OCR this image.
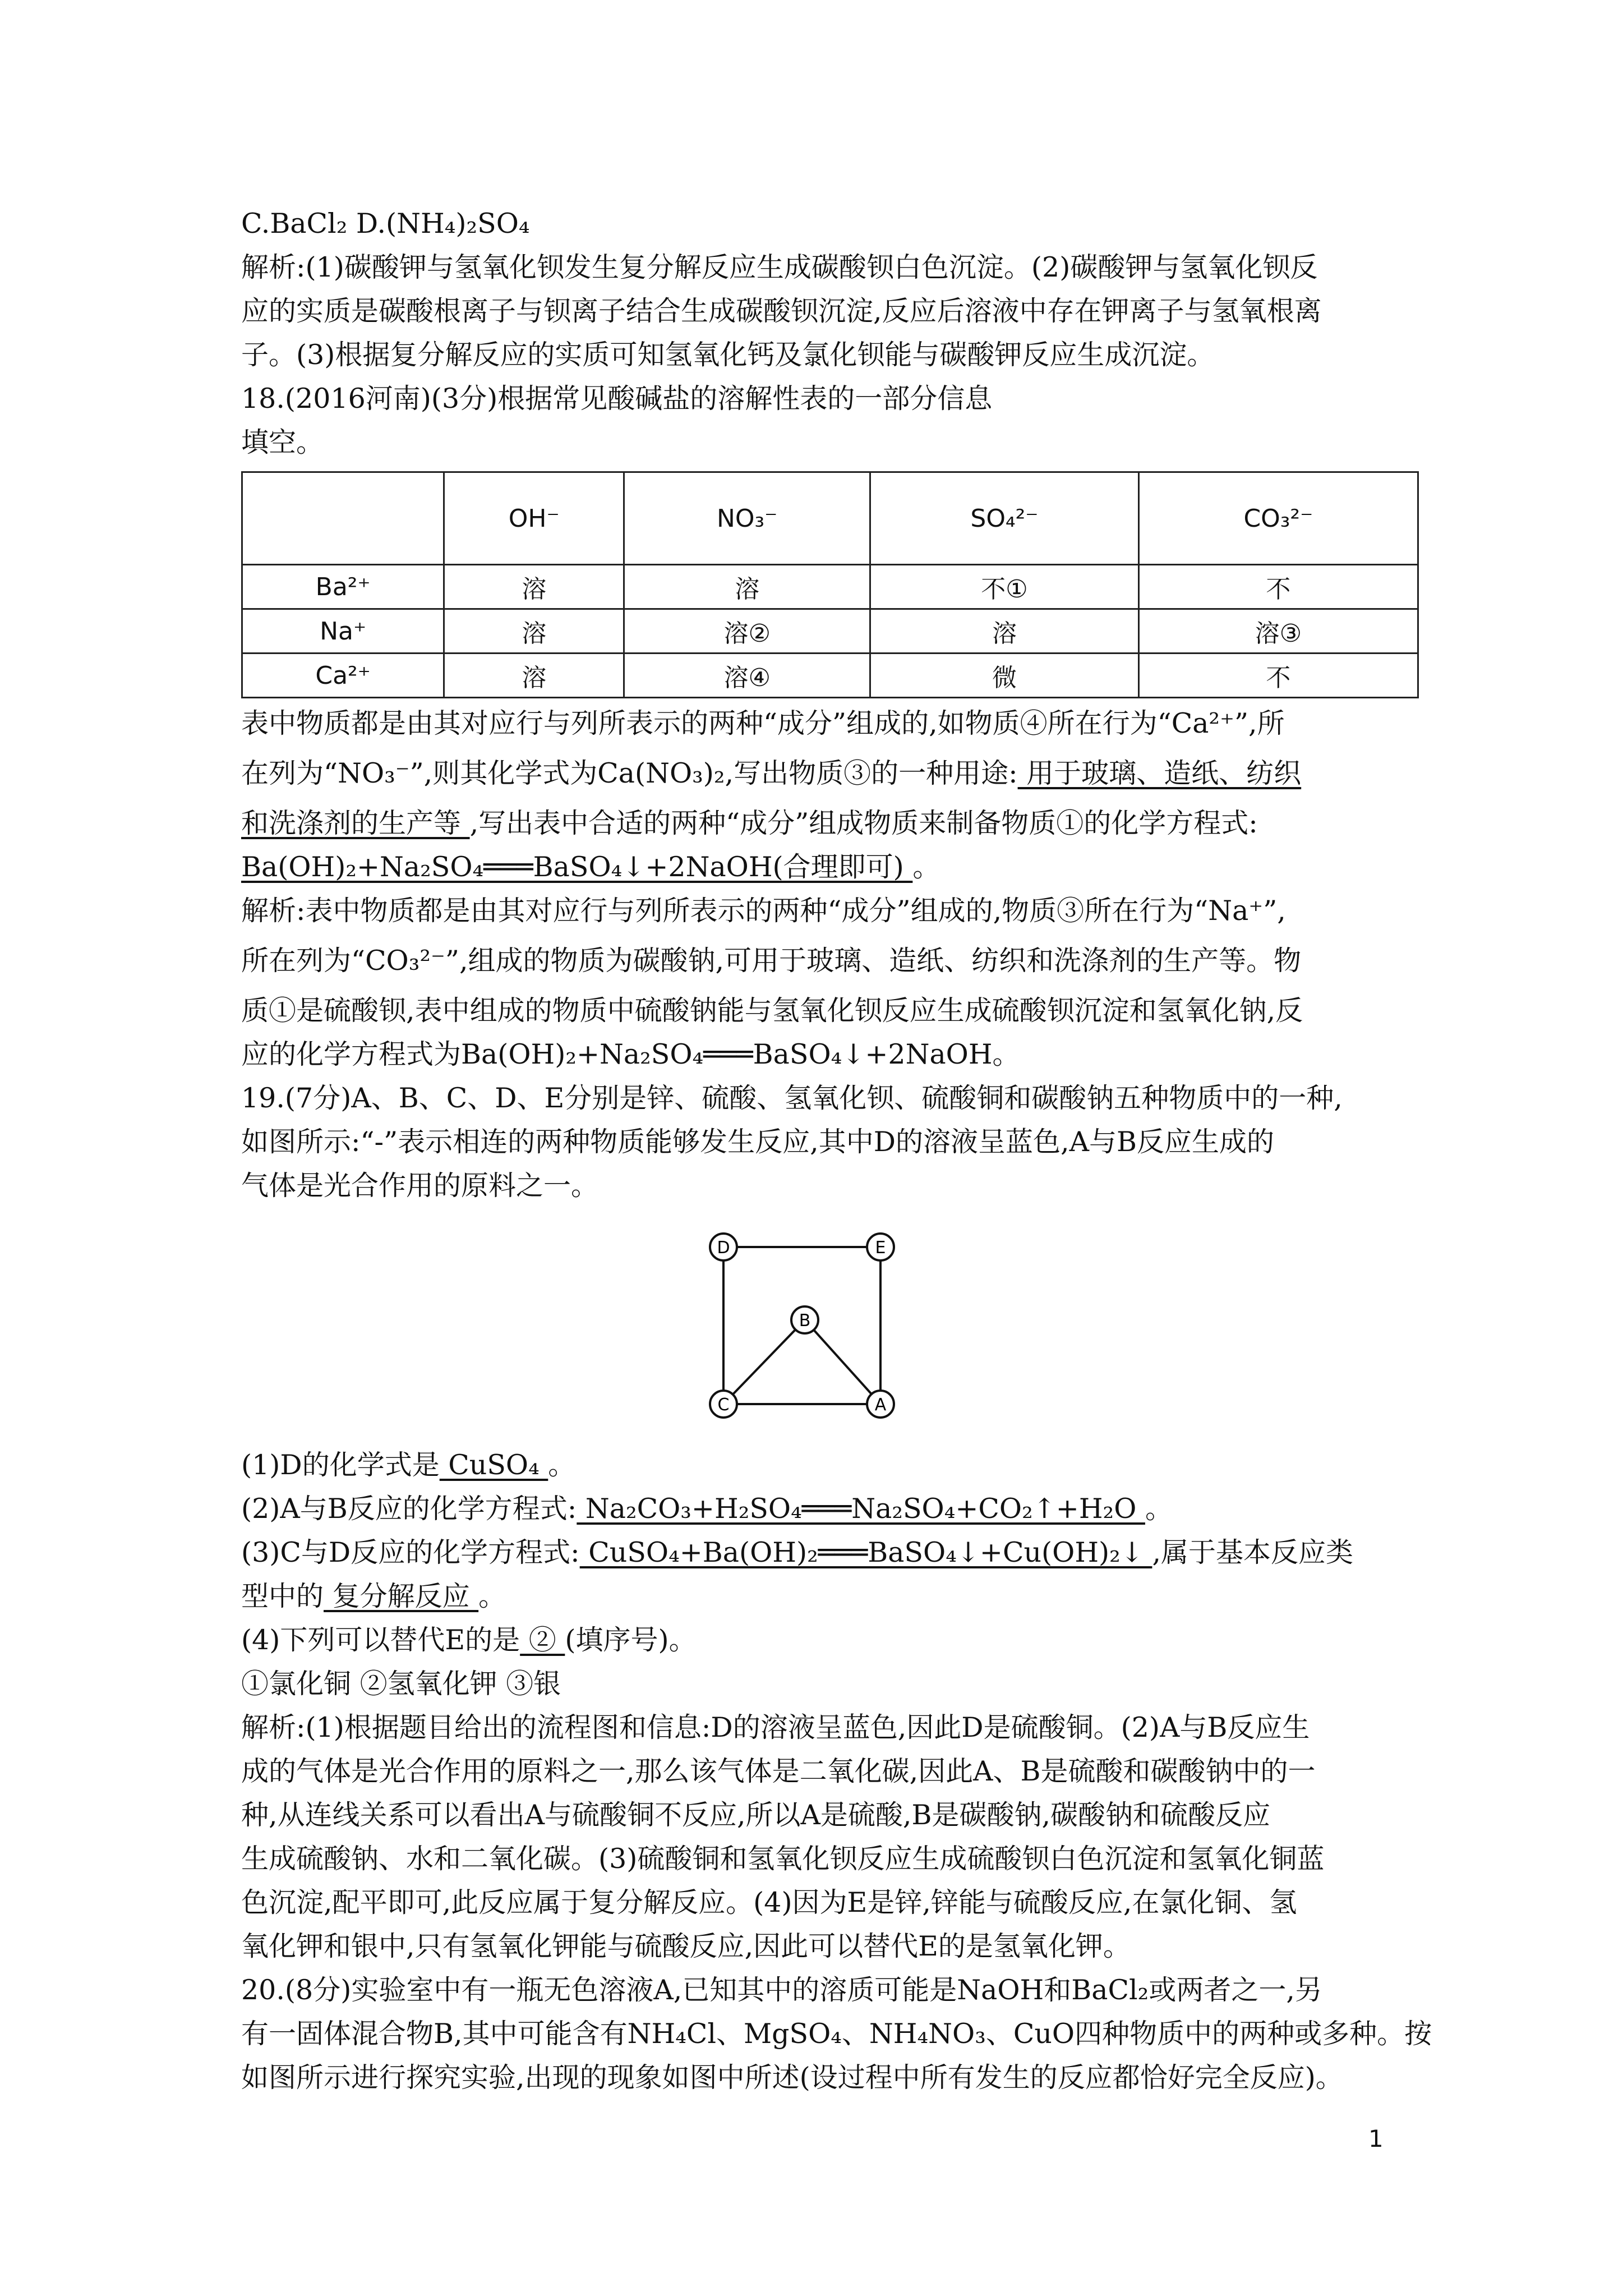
C.BaCl₂ D.(NH₄)₂SO₄
解析:(1)碳酸钾与氢氧化钡发生复分解反应生成碳酸钡白色沉淀。(2)碳酸钾与氢氧化钡反
应的实质是碳酸根离子与钡离子结合生成碳酸钡沉淀,反应后溶液中存在钾离子与氢氧根离
子。(3)根据复分解反应的实质可知氢氧化钙及氯化钡能与碳酸钾反应生成沉淀。
18.(2016河南)(3分)根据常见酸碱盐的溶解性表的一部分信息
填空。
	OH⁻	NO₃⁻	SO₄²⁻	CO₃²⁻
Ba²⁺	溶	溶	不①	不
Na⁺	溶	溶②	溶	溶③
Ca²⁺	溶	溶④	微	不
表中物质都是由其对应行与列所表示的两种“成分”组成的,如物质④所在行为“Ca²⁺”,所
在列为“NO₃⁻”,则其化学式为Ca(NO₃)₂,写出物质③的一种用途: 用于玻璃、造纸、纺织
和洗涤剂的生产等 ,写出表中合适的两种“成分”组成物质来制备物质①的化学方程式:
Ba(OH)₂+Na₂SO₄═══BaSO₄↓+2NaOH(合理即可) 。
解析:表中物质都是由其对应行与列所表示的两种“成分”组成的,物质③所在行为“Na⁺”,
所在列为“CO₃²⁻”,组成的物质为碳酸钠,可用于玻璃、造纸、纺织和洗涤剂的生产等。物
质①是硫酸钡,表中组成的物质中硫酸钠能与氢氧化钡反应生成硫酸钡沉淀和氢氧化钠,反
应的化学方程式为Ba(OH)₂+Na₂SO₄═══BaSO₄↓+2NaOH。
19.(7分)A、B、C、D、E分别是锌、硫酸、氢氧化钡、硫酸铜和碳酸钠五种物质中的一种,
如图所示:“-”表示相连的两种物质能够发生反应,其中D的溶液呈蓝色,A与B反应生成的
气体是光合作用的原料之一。
D	E
B
C	A
(1)D的化学式是 CuSO₄ 。
(2)A与B反应的化学方程式: Na₂CO₃+H₂SO₄═══Na₂SO₄+CO₂↑+H₂O 。
(3)C与D反应的化学方程式: CuSO₄+Ba(OH)₂═══BaSO₄↓+Cu(OH)₂↓ ,属于基本反应类
型中的 复分解反应 。
(4)下列可以替代E的是 ② (填序号)。
①氯化铜 ②氢氧化钾 ③银
解析:(1)根据题目给出的流程图和信息:D的溶液呈蓝色,因此D是硫酸铜。(2)A与B反应生
成的气体是光合作用的原料之一,那么该气体是二氧化碳,因此A、B是硫酸和碳酸钠中的一
种,从连线关系可以看出A与硫酸铜不反应,所以A是硫酸,B是碳酸钠,碳酸钠和硫酸反应
生成硫酸钠、水和二氧化碳。(3)硫酸铜和氢氧化钡反应生成硫酸钡白色沉淀和氢氧化铜蓝
色沉淀,配平即可,此反应属于复分解反应。(4)因为E是锌,锌能与硫酸反应,在氯化铜、氢
氧化钾和银中,只有氢氧化钾能与硫酸反应,因此可以替代E的是氢氧化钾。
20.(8分)实验室中有一瓶无色溶液A,已知其中的溶质可能是NaOH和BaCl₂或两者之一,另
有一固体混合物B,其中可能含有NH₄Cl、MgSO₄、NH₄NO₃、CuO四种物质中的两种或多种。按
如图所示进行探究实验,出现的现象如图中所述(设过程中所有发生的反应都恰好完全反应)。
1
